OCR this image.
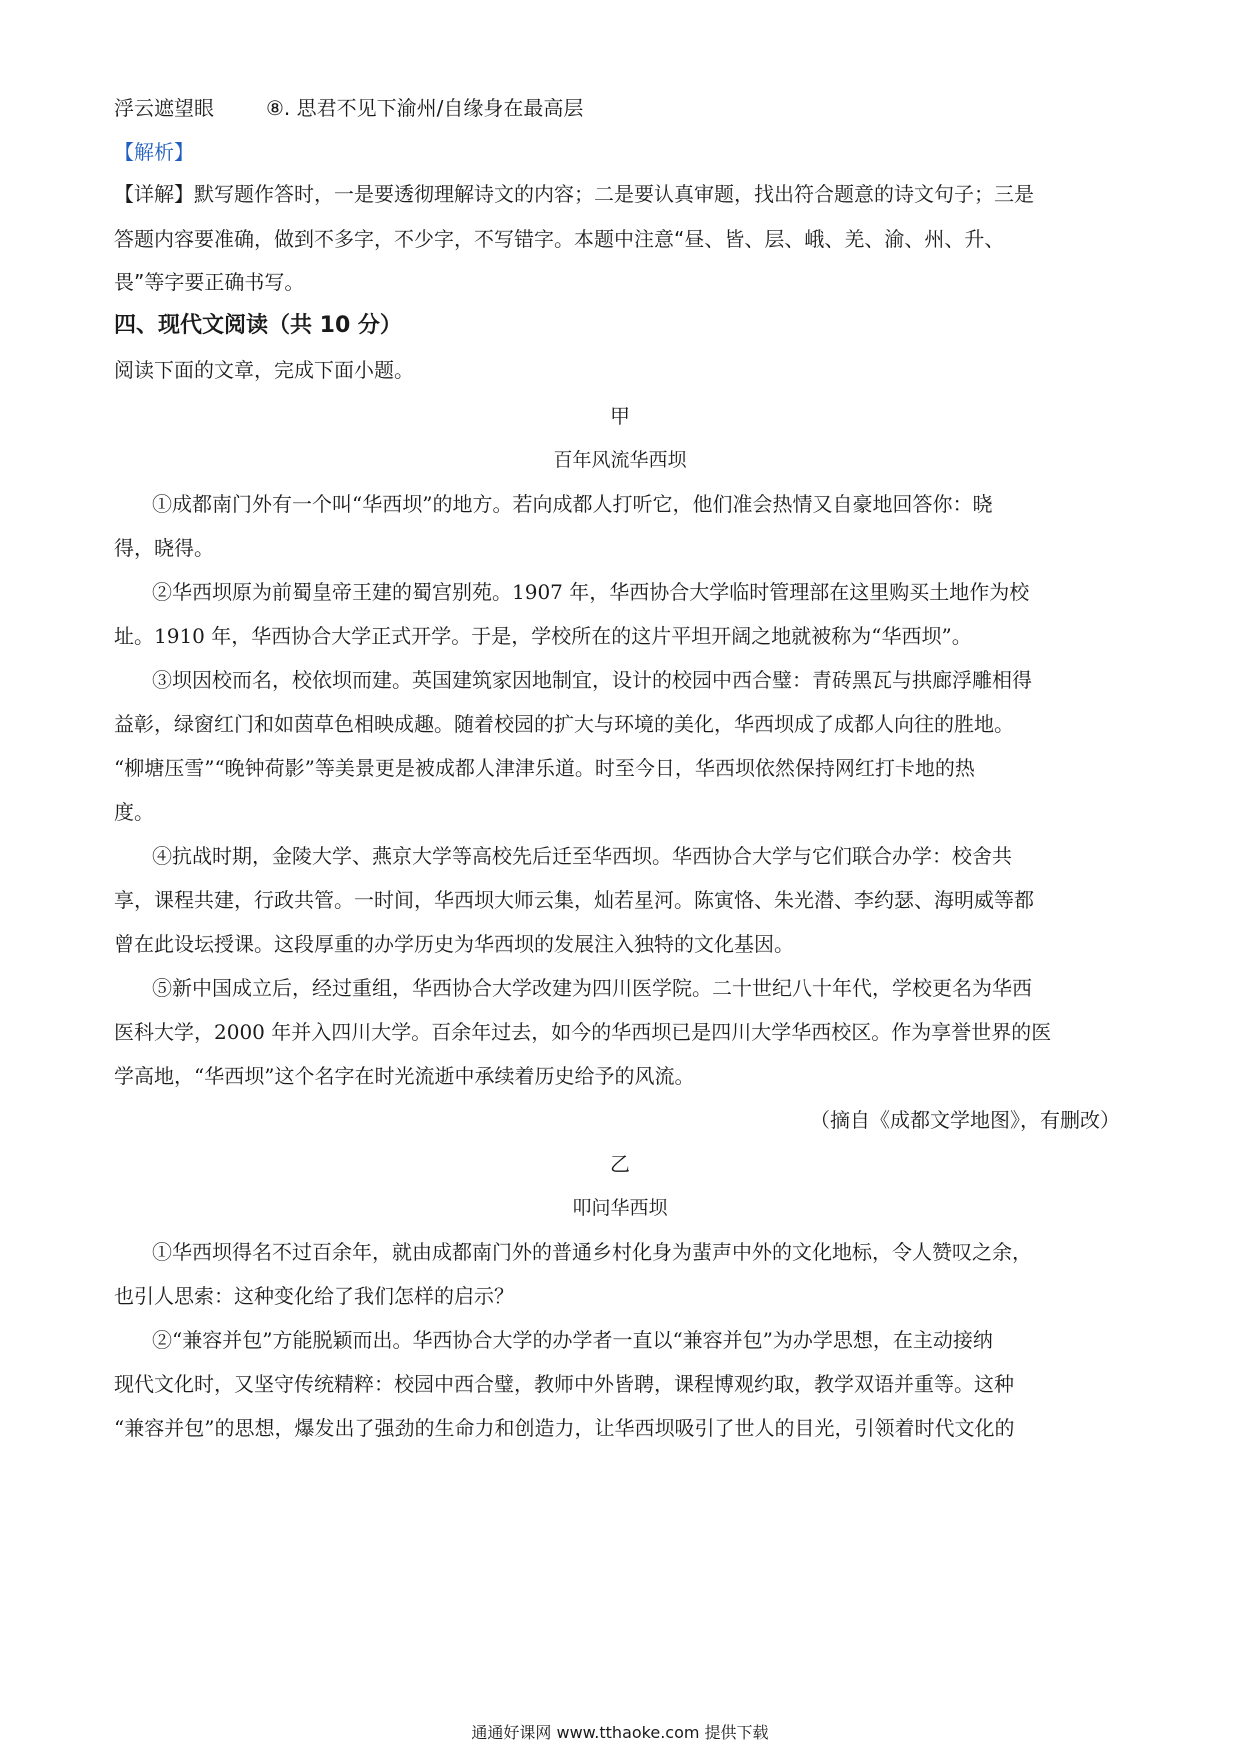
浮云遮望眼	⑧. 思君不见下渝州/自缘身在最高层
【解析】
【详解】默写题作答时，一是要透彻理解诗文的内容；二是要认真审题，找出符合题意的诗文句子；三是
答题内容要准确，做到不多字，不少字，不写错字。本题中注意“昼、皆、层、峨、羌、渝、州、升、
畏”等字要正确书写。
四、现代文阅读（共 10 分）
阅读下面的文章，完成下面小题。
甲
百年风流华西坝
①成都南门外有一个叫“华西坝”的地方。若向成都人打听它，他们准会热情又自豪地回答你：晓
得，晓得。
②华西坝原为前蜀皇帝王建的蜀宫别苑。1907 年，华西协合大学临时管理部在这里购买土地作为校
址。1910 年，华西协合大学正式开学。于是，学校所在的这片平坦开阔之地就被称为“华西坝”。
③坝因校而名，校依坝而建。英国建筑家因地制宜，设计的校园中西合璧：青砖黑瓦与拱廊浮雕相得
益彰，绿窗红门和如茵草色相映成趣。随着校园的扩大与环境的美化，华西坝成了成都人向往的胜地。
“柳塘压雪”“晚钟荷影”等美景更是被成都人津津乐道。时至今日，华西坝依然保持网红打卡地的热
度。
④抗战时期，金陵大学、燕京大学等高校先后迁至华西坝。华西协合大学与它们联合办学：校舍共
享，课程共建，行政共管。一时间，华西坝大师云集，灿若星河。陈寅恪、朱光潜、李约瑟、海明威等都
曾在此设坛授课。这段厚重的办学历史为华西坝的发展注入独特的文化基因。
⑤新中国成立后，经过重组，华西协合大学改建为四川医学院。二十世纪八十年代，学校更名为华西
医科大学，2000 年并入四川大学。百余年过去，如今的华西坝已是四川大学华西校区。作为享誉世界的医
学高地，“华西坝”这个名字在时光流逝中承续着历史给予的风流。
（摘自《成都文学地图》，有删改）
乙
叩问华西坝
①华西坝得名不过百余年，就由成都南门外的普通乡村化身为蜚声中外的文化地标，令人赞叹之余，
也引人思索：这种变化给了我们怎样的启示？
②“兼容并包”方能脱颖而出。华西协合大学的办学者一直以“兼容并包”为办学思想，在主动接纳
现代文化时，又坚守传统精粹：校园中西合璧，教师中外皆聘，课程博观约取，教学双语并重等。这种
“兼容并包”的思想，爆发出了强劲的生命力和创造力，让华西坝吸引了世人的目光，引领着时代文化的
通通好课网 www.tthaoke.com 提供下载
